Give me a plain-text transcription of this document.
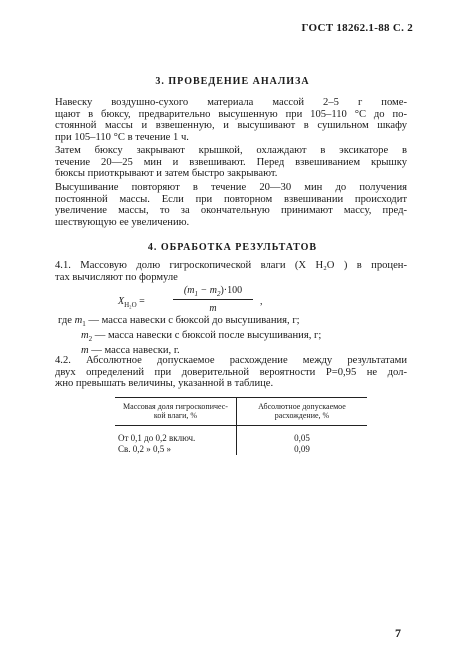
ГОСТ 18262.1-88 С. 2
3. ПРОВЕДЕНИЕ АНАЛИЗА
Навеску воздушно-сухого материала массой 2–5 г поме-
щают в бюксу, предварительно высушенную при 105–110 °С до по-
стоянной массы и взвешенную, и высушивают в сушильном шкафу
при 105–110 °С в течение 1 ч.
Затем бюксу закрывают крышкой, охлаждают в эксикаторе в
течение 20—25 мин и взвешивают. Перед взвешиванием крышку
бюксы приоткрывают и затем быстро закрывают.
Высушивание повторяют в течение 20—30 мин до получения
постоянной массы. Если при повторном взвешивании происходит
увеличение массы, то за окончательную принимают массу, пред-
шествующую ее увеличению.
4. ОБРАБОТКА РЕЗУЛЬТАТОВ
4.1. Массовую долю гигроскопической влаги (X H₂O ) в процен-
тах вычисляют по формуле
$X_{H_2O}$ =
$(m_1 - m_2)\cdot 100$
m
,
где $m_1$ — масса навески с бюксой до высушивания, г;
$m_2$ — масса навески с бюксой после высушивания, г;
m — масса навески, г.
4.2. Абсолютное допускаемое расхождение между результатами
двух определений при доверительной вероятности P=0,95 не дол-
жно превышать величины, указанной в таблице.
Массовая доля гигроскопичес-
кой влаги, %	Абсолютное допускаемое
расхождение, %
От 0,1 до 0,2 включ.	0,05
Св. 0,2 » 0,5 »	0,09
7
